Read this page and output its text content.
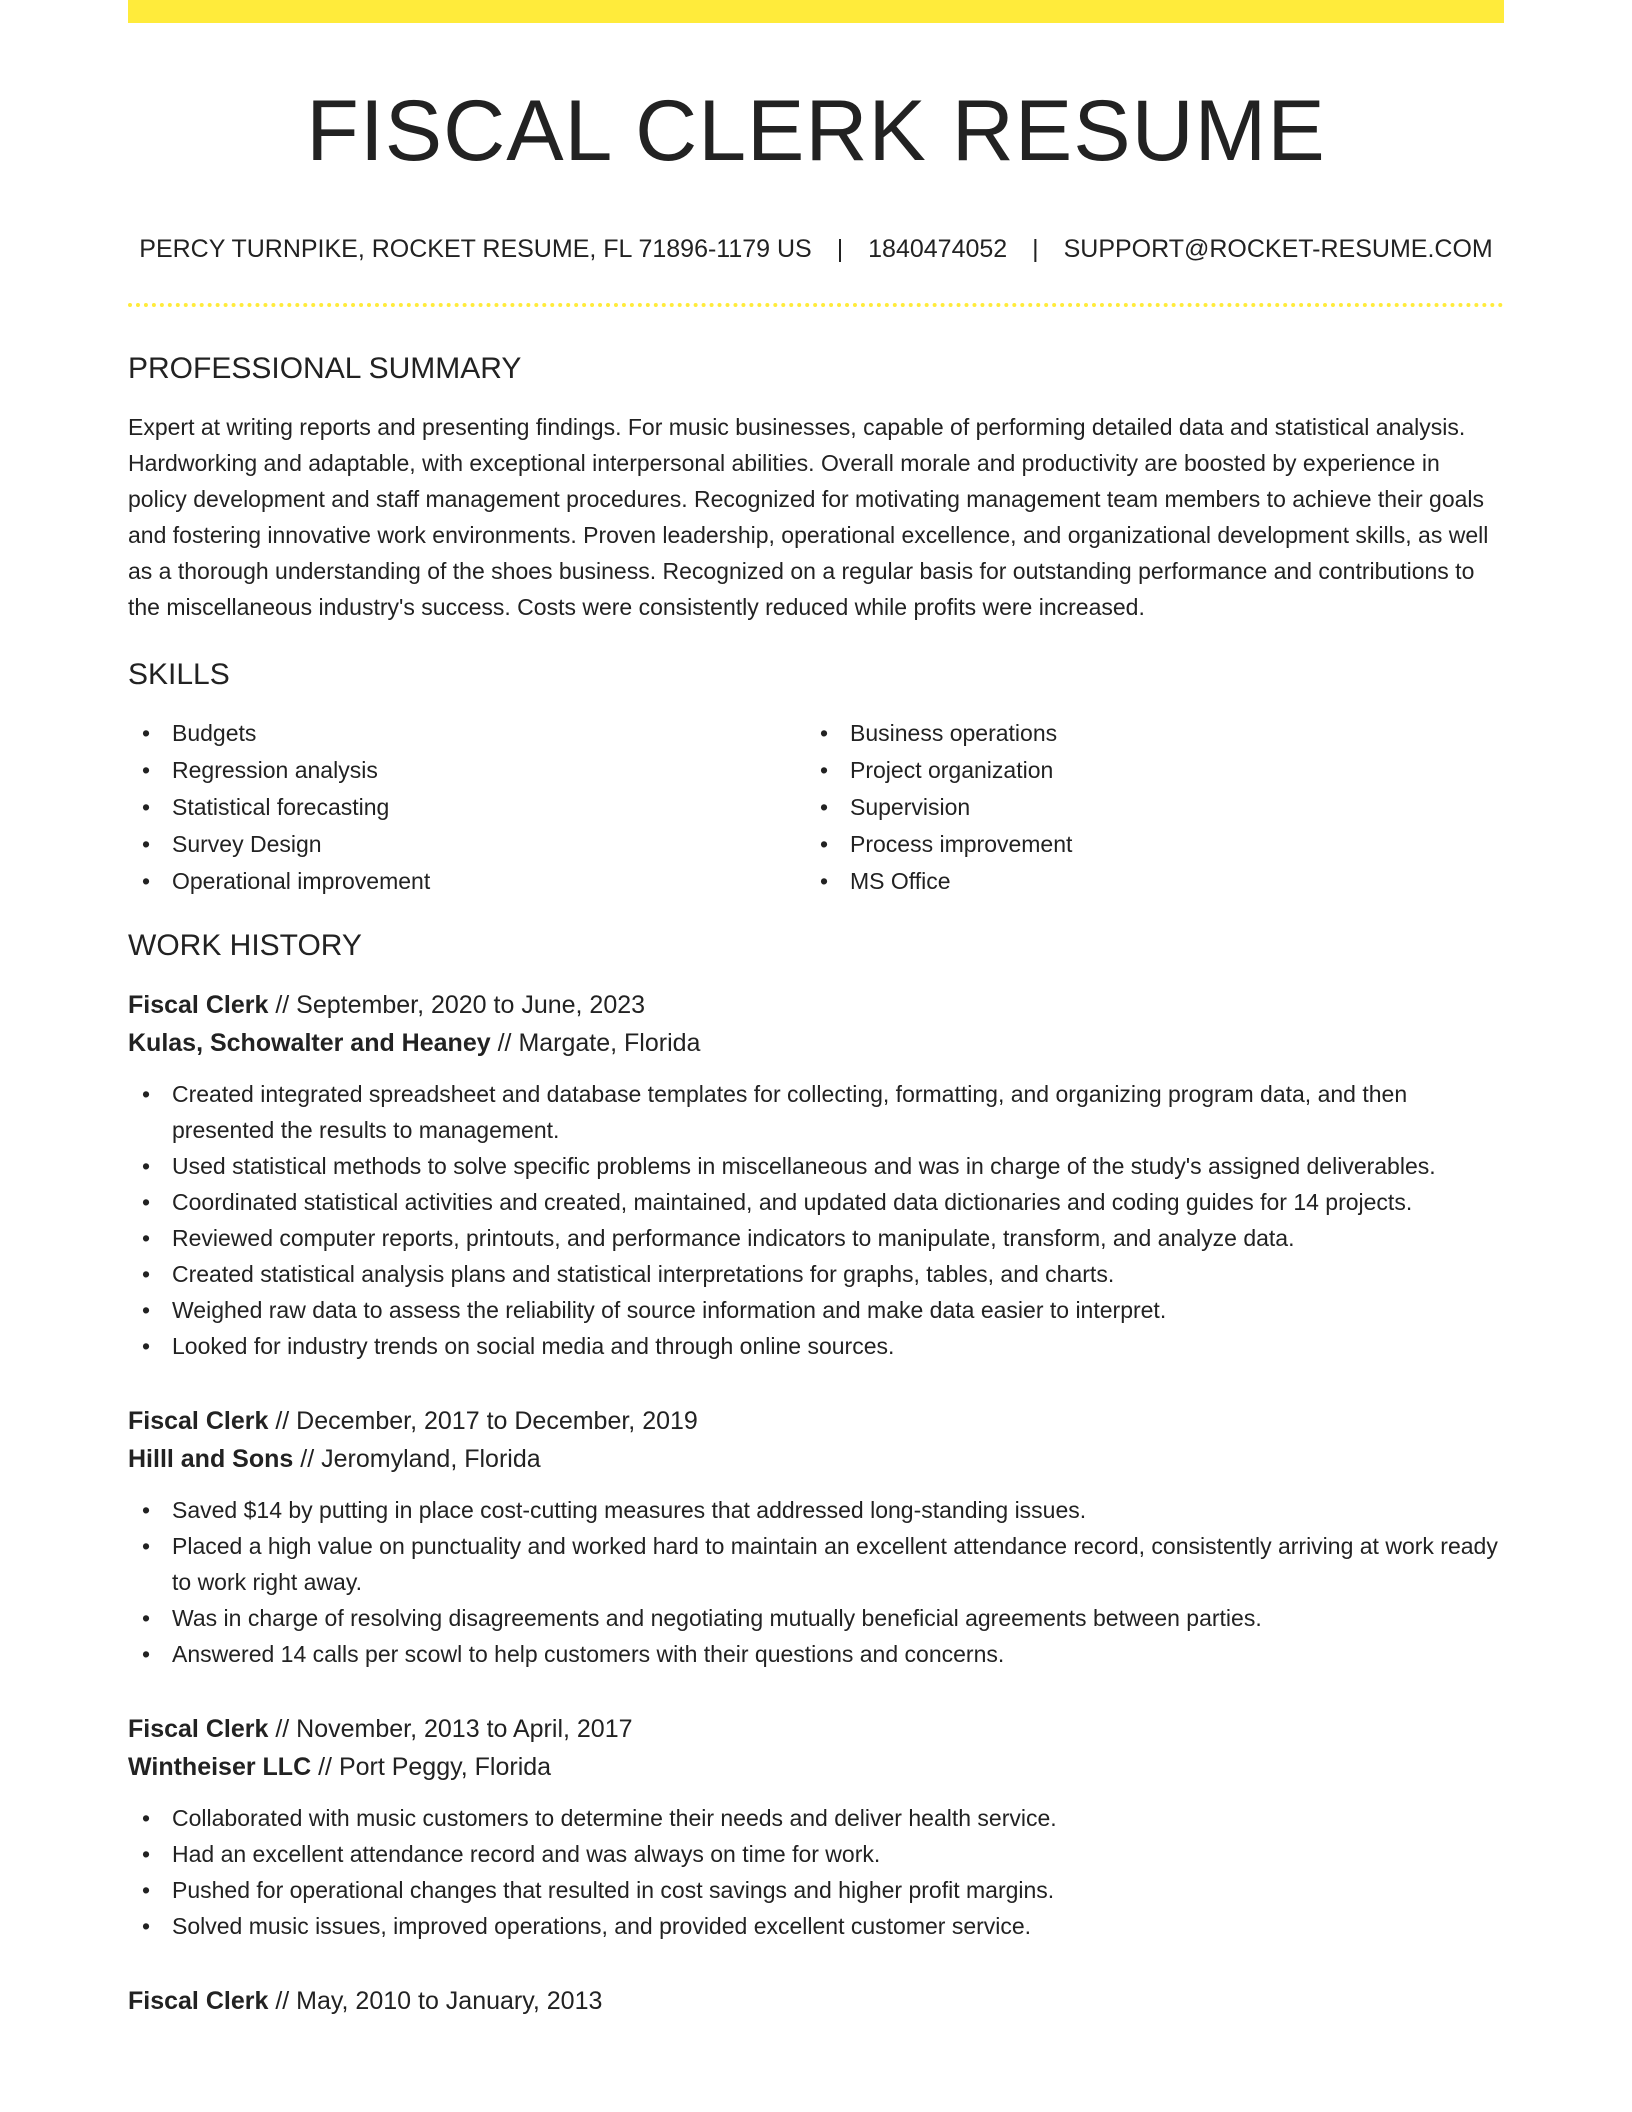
FISCAL CLERK RESUME
PERCY TURNPIKE, ROCKET RESUME, FL 71896-1179 US | 1840474052 | SUPPORT@ROCKET-RESUME.COM
PROFESSIONAL SUMMARY

Expert at writing reports and presenting findings. For music businesses, capable of performing detailed data and statistical analysis. Hardworking and adaptable, with exceptional interpersonal abilities. Overall morale and productivity are boosted by experience in policy development and staff management procedures. Recognized for motivating management team members to achieve their goals and fostering innovative work environments. Proven leadership, operational excellence, and organizational development skills, as well as a thorough understanding of the shoes business. Recognized on a regular basis for outstanding performance and contributions to the miscellaneous industry's success. Costs were consistently reduced while profits were increased.

SKILLS
• Budgets
• Regression analysis
• Statistical forecasting
• Survey Design
• Operational improvement
• Business operations
• Project organization
• Supervision
• Process improvement
• MS Office
WORK HISTORY
Fiscal Clerk // September, 2020 to June, 2023
Kulas, Schowalter and Heaney // Margate, Florida
• Created integrated spreadsheet and database templates for collecting, formatting, and organizing program data, and then presented the results to management.
• Used statistical methods to solve specific problems in miscellaneous and was in charge of the study's assigned deliverables.
• Coordinated statistical activities and created, maintained, and updated data dictionaries and coding guides for 14 projects.
• Reviewed computer reports, printouts, and performance indicators to manipulate, transform, and analyze data.
• Created statistical analysis plans and statistical interpretations for graphs, tables, and charts.
• Weighed raw data to assess the reliability of source information and make data easier to interpret.
• Looked for industry trends on social media and through online sources.
Fiscal Clerk // December, 2017 to December, 2019
Hilll and Sons // Jeromyland, Florida
• Saved $14 by putting in place cost-cutting measures that addressed long-standing issues.
• Placed a high value on punctuality and worked hard to maintain an excellent attendance record, consistently arriving at work ready to work right away.
• Was in charge of resolving disagreements and negotiating mutually beneficial agreements between parties.
• Answered 14 calls per scowl to help customers with their questions and concerns.
Fiscal Clerk // November, 2013 to April, 2017
Wintheiser LLC // Port Peggy, Florida
• Collaborated with music customers to determine their needs and deliver health service.
• Had an excellent attendance record and was always on time for work.
• Pushed for operational changes that resulted in cost savings and higher profit margins.
• Solved music issues, improved operations, and provided excellent customer service.
Fiscal Clerk // May, 2010 to January, 2013
